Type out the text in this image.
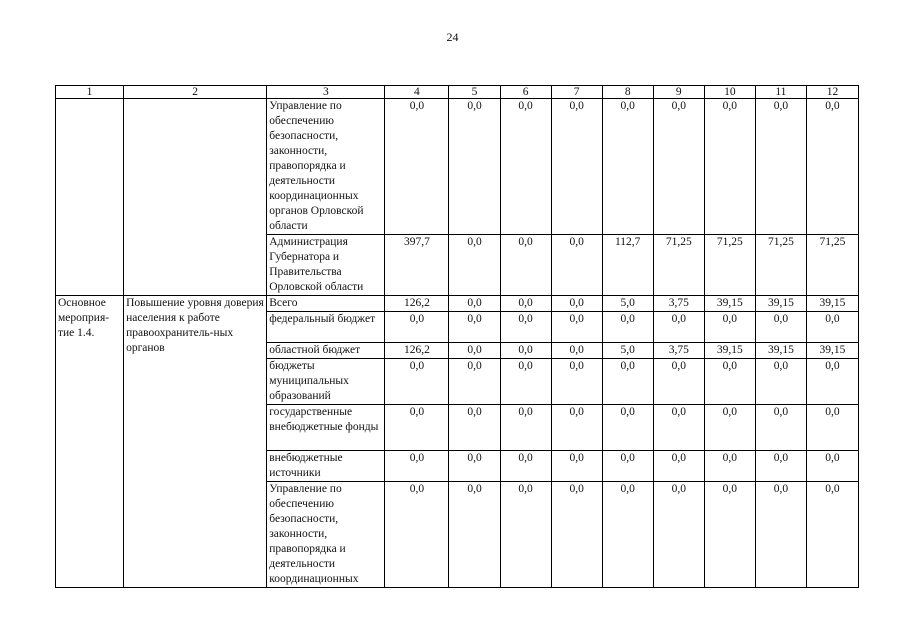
24
1	2	3	4	5	6	7	8	9	10	11	12
		Управление по обеспечению безопасности, законности, правопорядка и деятельности координационных органов Орловской области	0,0	0,0	0,0	0,0	0,0	0,0	0,0	0,0	0,0
		Администрация Губернатора и Правительства Орловской области	397,7	0,0	0,0	0,0	112,7	71,25	71,25	71,25	71,25
Основное мероприя-тие 1.4.	Повышение уровня доверия населения к работе правоохранитель-ных органов	Всего	126,2	0,0	0,0	0,0	5,0	3,75	39,15	39,15	39,15
		федеральный бюджет	0,0	0,0	0,0	0,0	0,0	0,0	0,0	0,0	0,0
		областной бюджет	126,2	0,0	0,0	0,0	5,0	3,75	39,15	39,15	39,15
		бюджеты муниципальных образований	0,0	0,0	0,0	0,0	0,0	0,0	0,0	0,0	0,0
		государственные внебюджетные фонды	0,0	0,0	0,0	0,0	0,0	0,0	0,0	0,0	0,0
		внебюджетные источники	0,0	0,0	0,0	0,0	0,0	0,0	0,0	0,0	0,0
		Управление по обеспечению безопасности, законности, правопорядка и деятельности координационных	0,0	0,0	0,0	0,0	0,0	0,0	0,0	0,0	0,0
